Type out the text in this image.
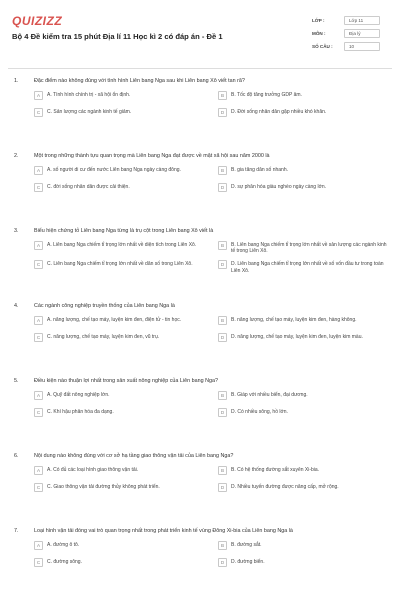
QUIZIZZ
Bộ 4 Đề kiểm tra 15 phút Địa lí 11 Học kì 2 có đáp án - Đề 1
LỚP :	Lớp 11
MÔN :	Địa lý
SỐ CÂU :	10
1.	Đặc điểm nào không đúng với tình hình Liên bang Nga sau khi Liên bang Xô viết tan rã?
A	A. Tình hình chính trị - xã hội ổn định.	B	B. Tốc độ tăng trưởng GDP âm.
C	C. Sản lượng các ngành kinh tế giảm.	D	D. Đời sống nhân dân gặp nhiều khó khăn.
2.	Một trong những thành tựu quan trọng mà Liên bang Nga đạt được về mặt xã hội sau năm 2000 là
A	A. số người di cư đến nước Liên bang Nga ngày càng đông.	B	B. gia tăng dân số nhanh.
C	C. đời sống nhân dân được cải thiện.	D	D. sự phân hóa giàu nghèo ngày càng lớn.
3.	Biểu hiện chứng tỏ Liên bang Nga từng là trụ cột trong Liên bang Xô viết là
A	A. Liên bang Nga chiếm tỉ trọng lớn nhất về diện tích trong Liên Xô.	B	B. Liên bang Nga chiếm tỉ trọng lớn nhất về sản lượng các ngành kinh tế trong Liên Xô.
C	C. Liên bang Nga chiếm tỉ trọng lớn nhất về dân số trong Liên Xô.	D	D. Liên bang Nga chiếm tỉ trọng lớn nhất về số vốn đầu tư trong toàn Liên Xô.
4.	Các ngành công nghiệp truyền thống của Liên bang Nga là
A	A. năng lượng, chế tạo máy, luyện kim đen, điện tử - tin học.	B	B. năng lượng, chế tạo máy, luyện kim đen, hàng không.
C	C. năng lượng, chế tạo máy, luyện kim đen, vũ trụ.	D	D. năng lượng, chế tạo máy, luyện kim đen, luyện kim màu.
5.	Điều kiện nào thuận lợi nhất trong sản xuất nông nghiệp của Liên bang Nga?
A	A. Quỹ đất nông nghiệp lớn.	B	B. Giáp với nhiều biển, đại dương.
C	C. Khí hậu phân hóa đa dạng.	D	D. Có nhiều sông, hồ lớn.
6.	Nội dung nào không đúng với cơ sở hạ tầng giao thông vận tải của Liên bang Nga?
A	A. Có đủ các loại hình giao thông vận tải.	B	B. Có hệ thống đường sắt xuyên Xi-bia.
C	C. Giao thông vận tải đường thủy không phát triển.	D	D. Nhiều tuyến đường được nâng cấp, mở rộng.
7.	Loại hình vận tải đóng vai trò quan trọng nhất trong phát triển kinh tế vùng Đông Xi-bia của Liên bang Nga là
A	A. đường ô tô.	B	B. đường sắt.
C	C. đường sông.	D	D. đường biển.
